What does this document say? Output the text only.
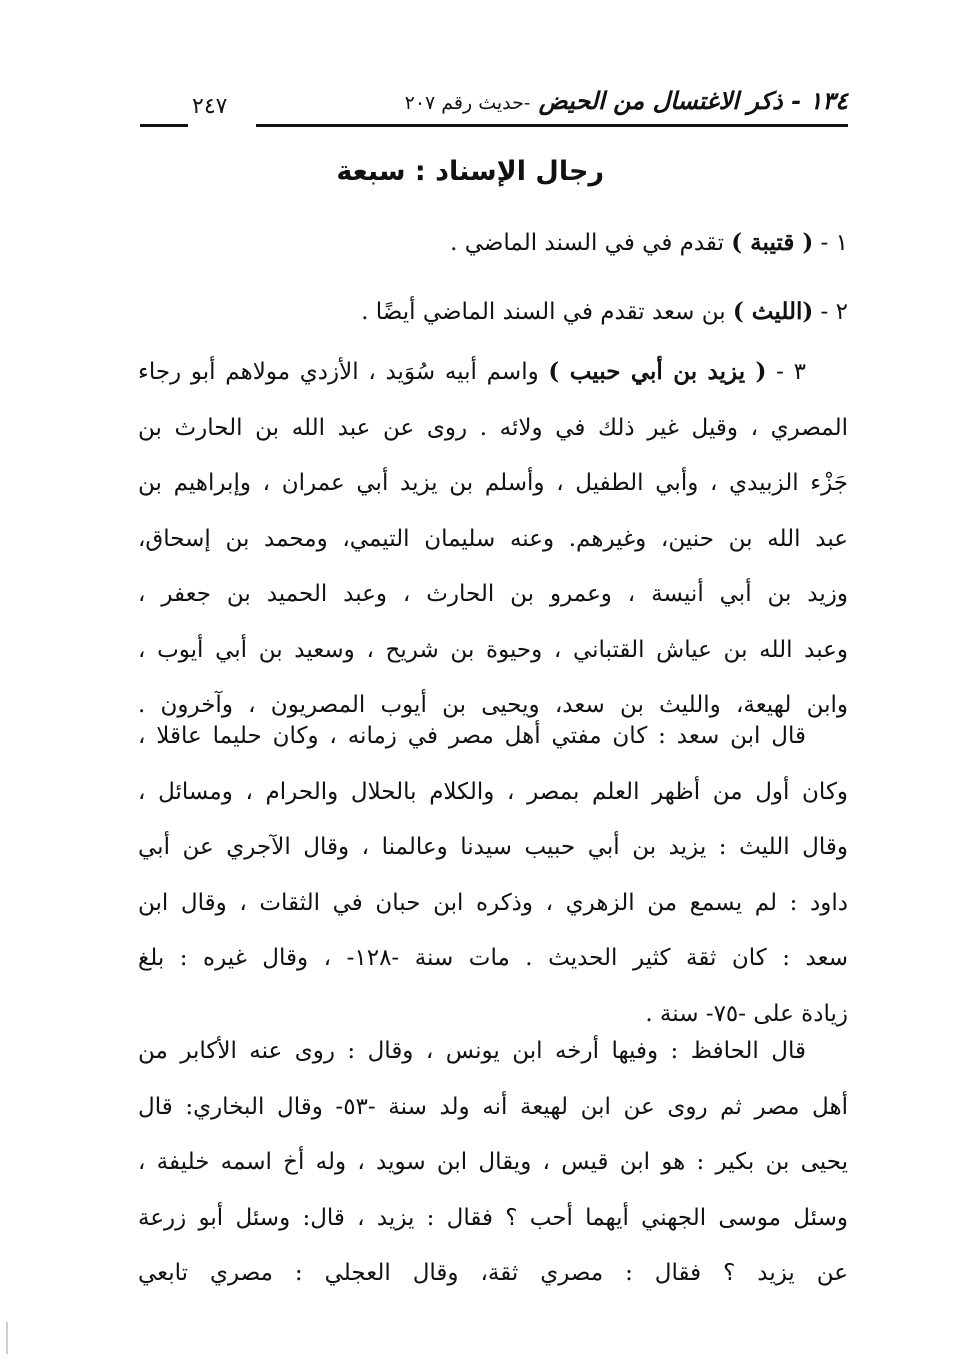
١٣٤ - ذكر الاغتسال من الحيض -حديث رقم ٢٠٧
٢٤٧
رجال الإسناد : سبعة
١ - ( قتيبة ) تقدم في في السند الماضي .
٢ - (الليث ) بن سعد تقدم في السند الماضي أيضًا .
٣ - ( يزيد بن أبي حبيب ) واسم أبيه سُوَيد ، الأزدي مولاهم أبو رجاء
المصري ، وقيل غير ذلك في ولائه . روى عن عبد الله بن الحارث بن
جَزْء الزبيدي ، وأبي الطفيل ، وأسلم بن يزيد أبي عمران ، وإبراهيم بن
عبد الله بن حنين، وغيرهم. وعنه سليمان التيمي، ومحمد بن إسحاق،
وزيد بن أبي أنيسة ، وعمرو بن الحارث ، وعبد الحميد بن جعفر ،
وعبد الله بن عياش القتباني ، وحيوة بن شريح ، وسعيد بن أبي أيوب ،
وابن لهيعة، والليث بن سعد، ويحيى بن أيوب المصريون ، وآخرون .
قال ابن سعد : كان مفتي أهل مصر في زمانه ، وكان حليما عاقلا ،
وكان أول من أظهر العلم بمصر ، والكلام بالحلال والحرام ، ومسائل ،
وقال الليث : يزيد بن أبي حبيب سيدنا وعالمنا ، وقال الآجري عن أبي
داود : لم يسمع من الزهري ، وذكره ابن حبان في الثقات ، وقال ابن
سعد : كان ثقة كثير الحديث . مات سنة -١٢٨- ، وقال غيره : بلغ
زيادة على -٧٥- سنة .
قال الحافظ : وفيها أرخه ابن يونس ، وقال : روى عنه الأكابر من
أهل مصر ثم روى عن ابن لهيعة أنه ولد سنة -٥٣- وقال البخاري: قال
يحيى بن بكير : هو ابن قيس ، ويقال ابن سويد ، وله أخ اسمه خليفة ،
وسئل موسى الجهني أيهما أحب ؟ فقال : يزيد ، قال: وسئل أبو زرعة
عن يزيد ؟ فقال : مصري ثقة، وقال العجلي : مصري تابعي
